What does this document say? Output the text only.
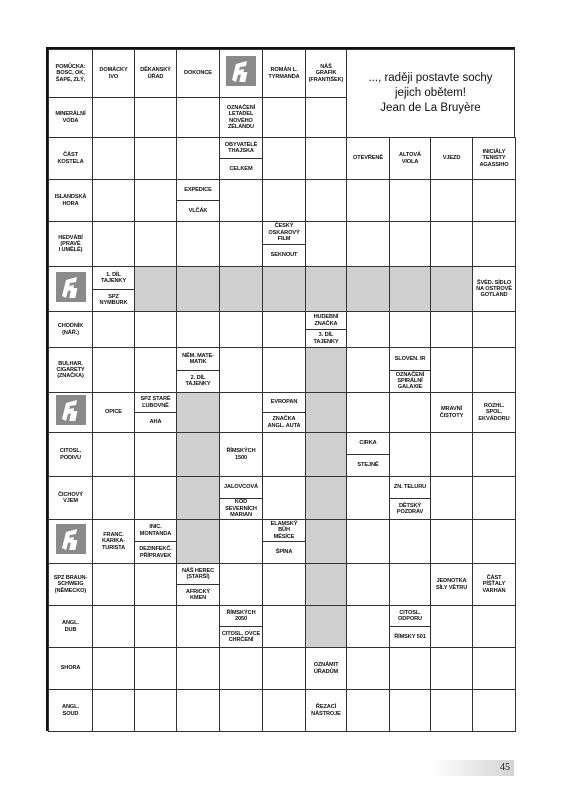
POMŮCKA:
BOSC, OK,
ŠAPE, ZLÝ,
DOMÁCKY
IVO
DĚKANSKÝ
ÚŘAD
DOKONCE
ROMÁN L.
TYRMANDA
NÁŠ
GRAFIK
(FRANTIŠEK)
MINERÁLNÍ
VODA
OZNAČENÍ
LETADEL
NOVÉHO
ZÉLANDU
ČÁST
KOSTELA
OBYVATELÉ
THAJSKA
CELKEM
OTEVŘENĚ
ALTOVÁ
VIOLA
VJEZD
INICIÁLY
TENISTY
AGASSIHO
ISLANDSKÁ
HORA
EXPEDICE
VLČÁK
HEDVÁBÍ
(PRAVÉ
I UMĚLÉ)
ČESKÝ
OSKAROVÝ
FILM
SEKNOUT
1. DÍL
TAJENKY
SPZ
NYMBURK
ŠVÉD. SÍDLO
NA OSTROVĚ
GOTLAND
CHODNÍK
(NÁŘ.)
HUDEBNÍ
ZNAČKA
3. DÍL
TAJENKY
BULHAR.
CIGARETY
(ZNAČKA)
NĚM. MATE-
MATIK
2. DÍL
TAJENKY
SLOVEN. IR
OZNAČENÍ
SPIRÁLNÍ
GALAXIE
OPICE
SPZ STARÉ
ĽUBOVNĚ
AHA
EVROPAN
ZNAČKA
ANGL. AUTA
MRAVNÍ
ČISTOTY
ROZHL.
SPOL.
EKVÁDORU
CITOSL.
PODIVU
ŘÍMSKÝCH
1500
CIRKA
STEJNĚ
ČICHOVÝ
VJEM
JALOVCOVÁ
KÓD
SEVERNÍCH
MARIAN
ZN. TELURU
DĚTSKÝ
POZDRAV
FRANC.
KARIKA-
TURISTA
INIC.
MONTANDA
DEZINFEKČ.
PŘÍPRAVEK
ELAMSKÝ
BŮH
MĚSÍCE
ŠPÍNA
SPZ BRAUN-
SCHWEIG
(NĚMECKO)
NÁŠ HEREC
(STARŠÍ)
AFRICKÝ
KMEN
JEDNOTKA
SÍLY VĚTRU
ČÁST
PÍŠŤALY
VARHAN
ANGL.
DUB
ŘÍMSKÝCH
2050
CITOSL. OVCE
CHRČENÍ
CITOSL.
ODPORU
ŘÍMSKY 501
SHORA
OZNÁMIT
ÚŘADŮM
ANGL.
SOUD
ŘEZACÍ
NÁSTROJE
..., raději postavte sochy
jejich obětem!
Jean de La Bruyère
45
